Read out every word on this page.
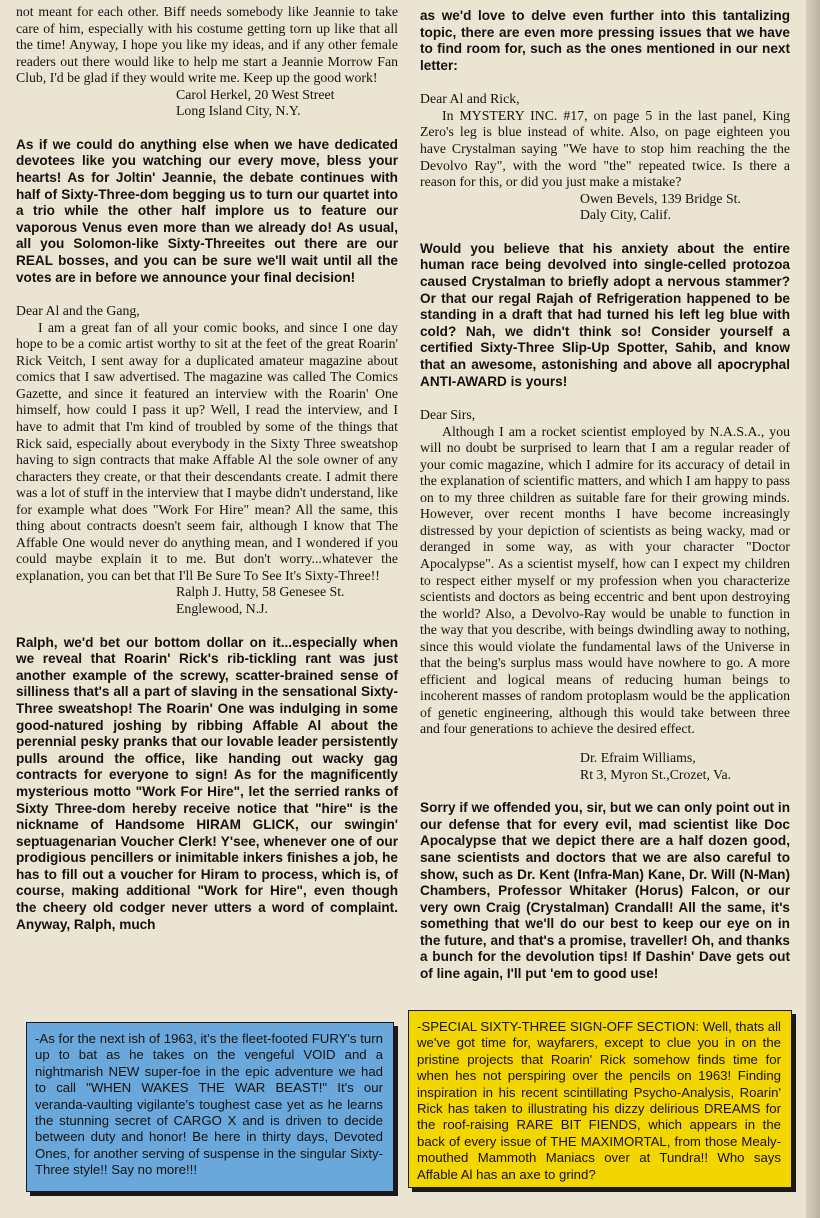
not meant for each other. Biff needs somebody like Jeannie to take care of him, especially with his costume getting torn up like that all the time! Anyway, I hope you like my ideas, and if any other female readers out there would like to help me start a Jeannie Morrow Fan Club, I'd be glad if they would write me. Keep up the good work!

Carol Herkel, 20 West Street

Long Island City, N.Y.

As if we could do anything else when we have dedicated devotees like you watching our every move, bless your hearts! As for Joltin' Jeannie, the debate continues with half of Sixty-Three-dom begging us to turn our quartet into a trio while the other half implore us to feature our vaporous Venus even more than we already do! As usual, all you Solomon-like Sixty-Threeites out there are our REAL bosses, and you can be sure we'll wait until all the votes are in before we announce your final decision!

Dear Al and the Gang,

I am a great fan of all your comic books, and since I one day hope to be a comic artist worthy to sit at the feet of the great Roarin' Rick Veitch, I sent away for a duplicated amateur magazine about comics that I saw advertised. The magazine was called The Comics Gazette, and since it featured an interview with the Roarin' One himself, how could I pass it up? Well, I read the interview, and I have to admit that I'm kind of troubled by some of the things that Rick said, especially about everybody in the Sixty Three sweatshop having to sign contracts that make Affable Al the sole owner of any characters they create, or that their descendants create. I admit there was a lot of stuff in the interview that I maybe didn't understand, like for example what does "Work For Hire" mean? All the same, this thing about contracts doesn't seem fair, although I know that The Affable One would never do anything mean, and I wondered if you could maybe explain it to me. But don't worry...whatever the explanation, you can bet that I'll Be Sure To See It's Sixty-Three!!

Ralph J. Hutty, 58 Genesee St.

Englewood, N.J.

Ralph, we'd bet our bottom dollar on it...especially when we reveal that Roarin' Rick's rib-tickling rant was just another example of the screwy, scatter-brained sense of silliness that's all a part of slaving in the sensational Sixty-Three sweatshop! The Roarin' One was indulging in some good-natured joshing by ribbing Affable Al about the perennial pesky pranks that our lovable leader persistently pulls around the office, like handing out wacky gag contracts for everyone to sign! As for the magnificently mysterious motto "Work For Hire", let the serried ranks of Sixty Three-dom hereby receive notice that "hire" is the nickname of Handsome HIRAM GLICK, our swingin' septuagenarian Voucher Clerk! Y'see, whenever one of our prodigious pencillers or inimitable inkers finishes a job, he has to fill out a voucher for Hiram to process, which is, of course, making additional "Work for Hire", even though the cheery old codger never utters a word of complaint. Anyway, Ralph, much

as we'd love to delve even further into this tantalizing topic, there are even more pressing issues that we have to find room for, such as the ones mentioned in our next letter:

Dear Al and Rick,

In MYSTERY INC. #17, on page 5 in the last panel, King Zero's leg is blue instead of white. Also, on page eighteen you have Crystalman saying "We have to stop him reaching the the Devolvo Ray", with the word "the" repeated twice. Is there a reason for this, or did you just make a mistake?

Owen Bevels, 139 Bridge St.

Daly City, Calif.

Would you believe that his anxiety about the entire human race being devolved into single-celled protozoa caused Crystalman to briefly adopt a nervous stammer? Or that our regal Rajah of Refrigeration happened to be standing in a draft that had turned his left leg blue with cold? Nah, we didn't think so! Consider yourself a certified Sixty-Three Slip-Up Spotter, Sahib, and know that an awesome, astonishing and above all apocryphal ANTI-AWARD is yours!

Dear Sirs,

Although I am a rocket scientist employed by N.A.S.A., you will no doubt be surprised to learn that I am a regular reader of your comic magazine, which I admire for its accuracy of detail in the explanation of scientific matters, and which I am happy to pass on to my three children as suitable fare for their growing minds. However, over recent months I have become increasingly distressed by your depiction of scientists as being wacky, mad or deranged in some way, as with your character "Doctor Apocalypse". As a scientist myself, how can I expect my children to respect either myself or my profession when you characterize scientists and doctors as being eccentric and bent upon destroying the world? Also, a Devolvo-Ray would be unable to function in the way that you describe, with beings dwindling away to nothing, since this would violate the fundamental laws of the Universe in that the being's surplus mass would have nowhere to go. A more efficient and logical means of reducing human beings to incoherent masses of random protoplasm would be the application of genetic engineering, although this would take between three and four generations to achieve the desired effect.

Dr. Efraim Williams,

Rt 3, Myron St.,Crozet, Va.

Sorry if we offended you, sir, but we can only point out in our defense that for every evil, mad scientist like Doc Apocalypse that we depict there are a half dozen good, sane scientists and doctors that we are also careful to show, such as Dr. Kent (Infra-Man) Kane, Dr. Will (N-Man) Chambers, Professor Whitaker (Horus) Falcon, or our very own Craig (Crystalman) Crandall! All the same, it's something that we'll do our best to keep our eye on in the future, and that's a promise, traveller! Oh, and thanks a bunch for the devolution tips! If Dashin' Dave gets out of line again, I'll put 'em to good use!

-As for the next ish of 1963, it's the fleet-footed FURY's turn up to bat as he takes on the vengeful VOID and a nightmarish NEW super-foe in the epic adventure we had to call "WHEN WAKES THE WAR BEAST!" It's our veranda-vaulting vigilante's toughest case yet as he learns the stunning secret of CARGO X and is driven to decide between duty and honor! Be here in thirty days, Devoted Ones, for another serving of suspense in the singular Sixty-Three style!! Say no more!!!
-SPECIAL SIXTY-THREE SIGN-OFF SECTION: Well, thats all we've got time for, wayfarers, except to clue you in on the pristine projects that Roarin' Rick somehow finds time for when hes not perspiring over the pencils on 1963! Finding inspiration in his recent scintillating Psycho-Analysis, Roarin' Rick has taken to illustrating his dizzy delirious DREAMS for the roof-raising RARE BIT FIENDS, which appears in the back of every issue of THE MAXIMORTAL, from those Mealy-mouthed Mammoth Maniacs over at Tundra!! Who says Affable Al has an axe to grind?
